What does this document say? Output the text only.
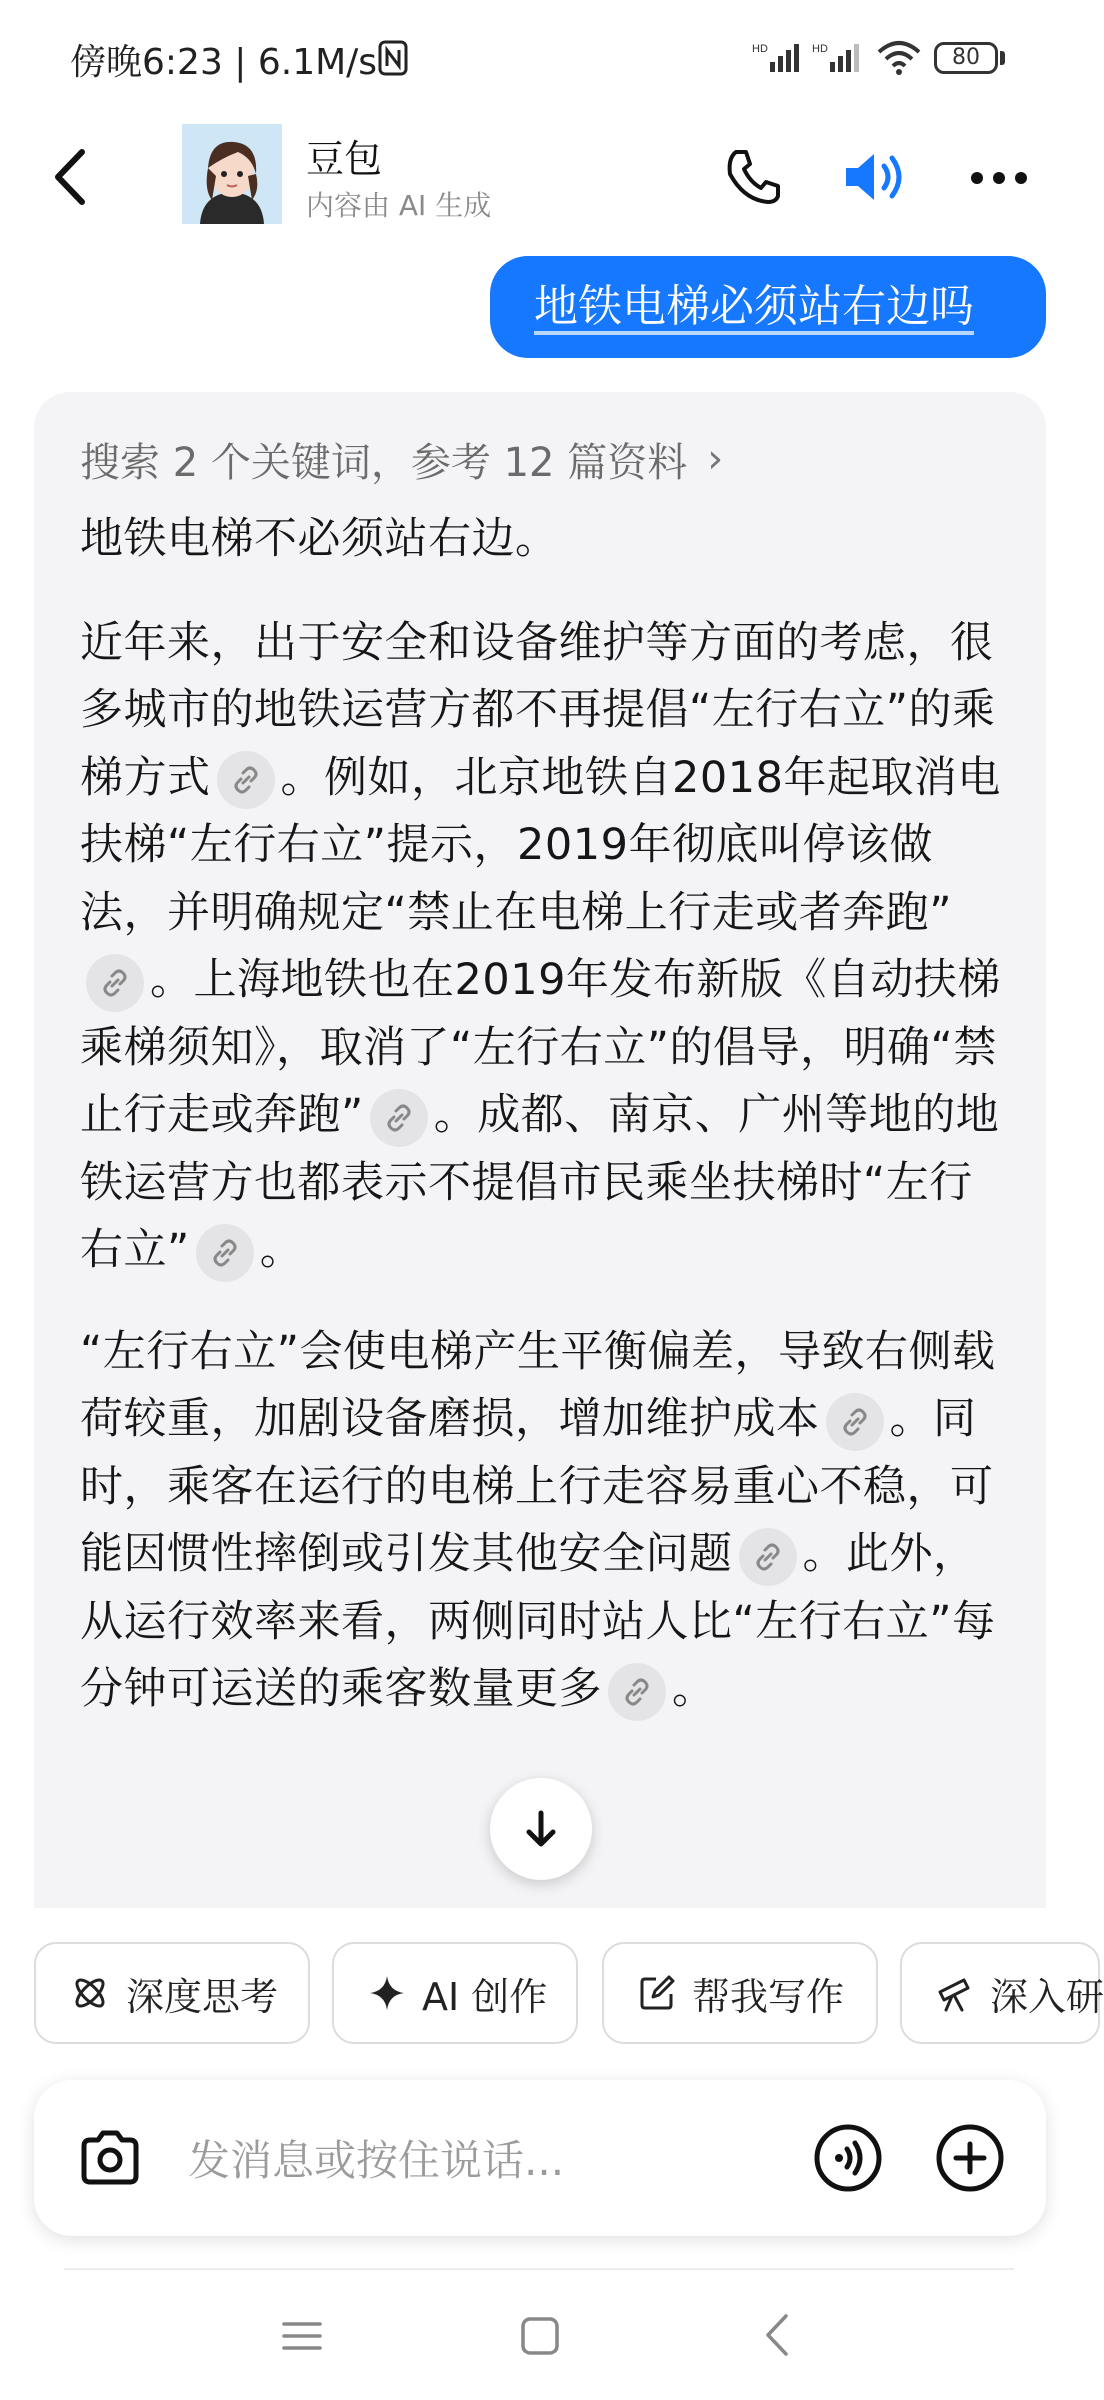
傍晚6:23 | 6.1M/s	HD	HD	80
豆包
内容由 AI 生成
地铁电梯必须站右边吗
搜索 2 个关键词，参考 12 篇资料 ›

地铁电梯不必须站右边。

近年来，出于安全和设备维护等方面的考虑，很多城市的地铁运营方都不再提倡“左行右立”的乘梯方式 。例如，北京地铁自2018年起取消电扶梯“左行右立”提示，2019年彻底叫停该做法，并明确规定“禁止在电梯上行走或者奔跑”
。上海地铁也在2019年发布新版《自动扶梯乘梯须知》，取消了“左行右立”的倡导，明确“禁止行走或奔跑” 。成都、南京、广州等地的地铁运营方也都表示不提倡市民乘坐扶梯时“左行右立” 。

“左行右立”会使电梯产生平衡偏差，导致右侧载荷较重，加剧设备磨损，增加维护成本 。同时，乘客在运行的电梯上行走容易重心不稳，可能因惯性摔倒或引发其他安全问题 。此外，从运行效率来看，两侧同时站人比“左行右立”每分钟可运送的乘客数量更多 。

深度思考	AI 创作	帮我写作	深入研
发消息或按住说话...
